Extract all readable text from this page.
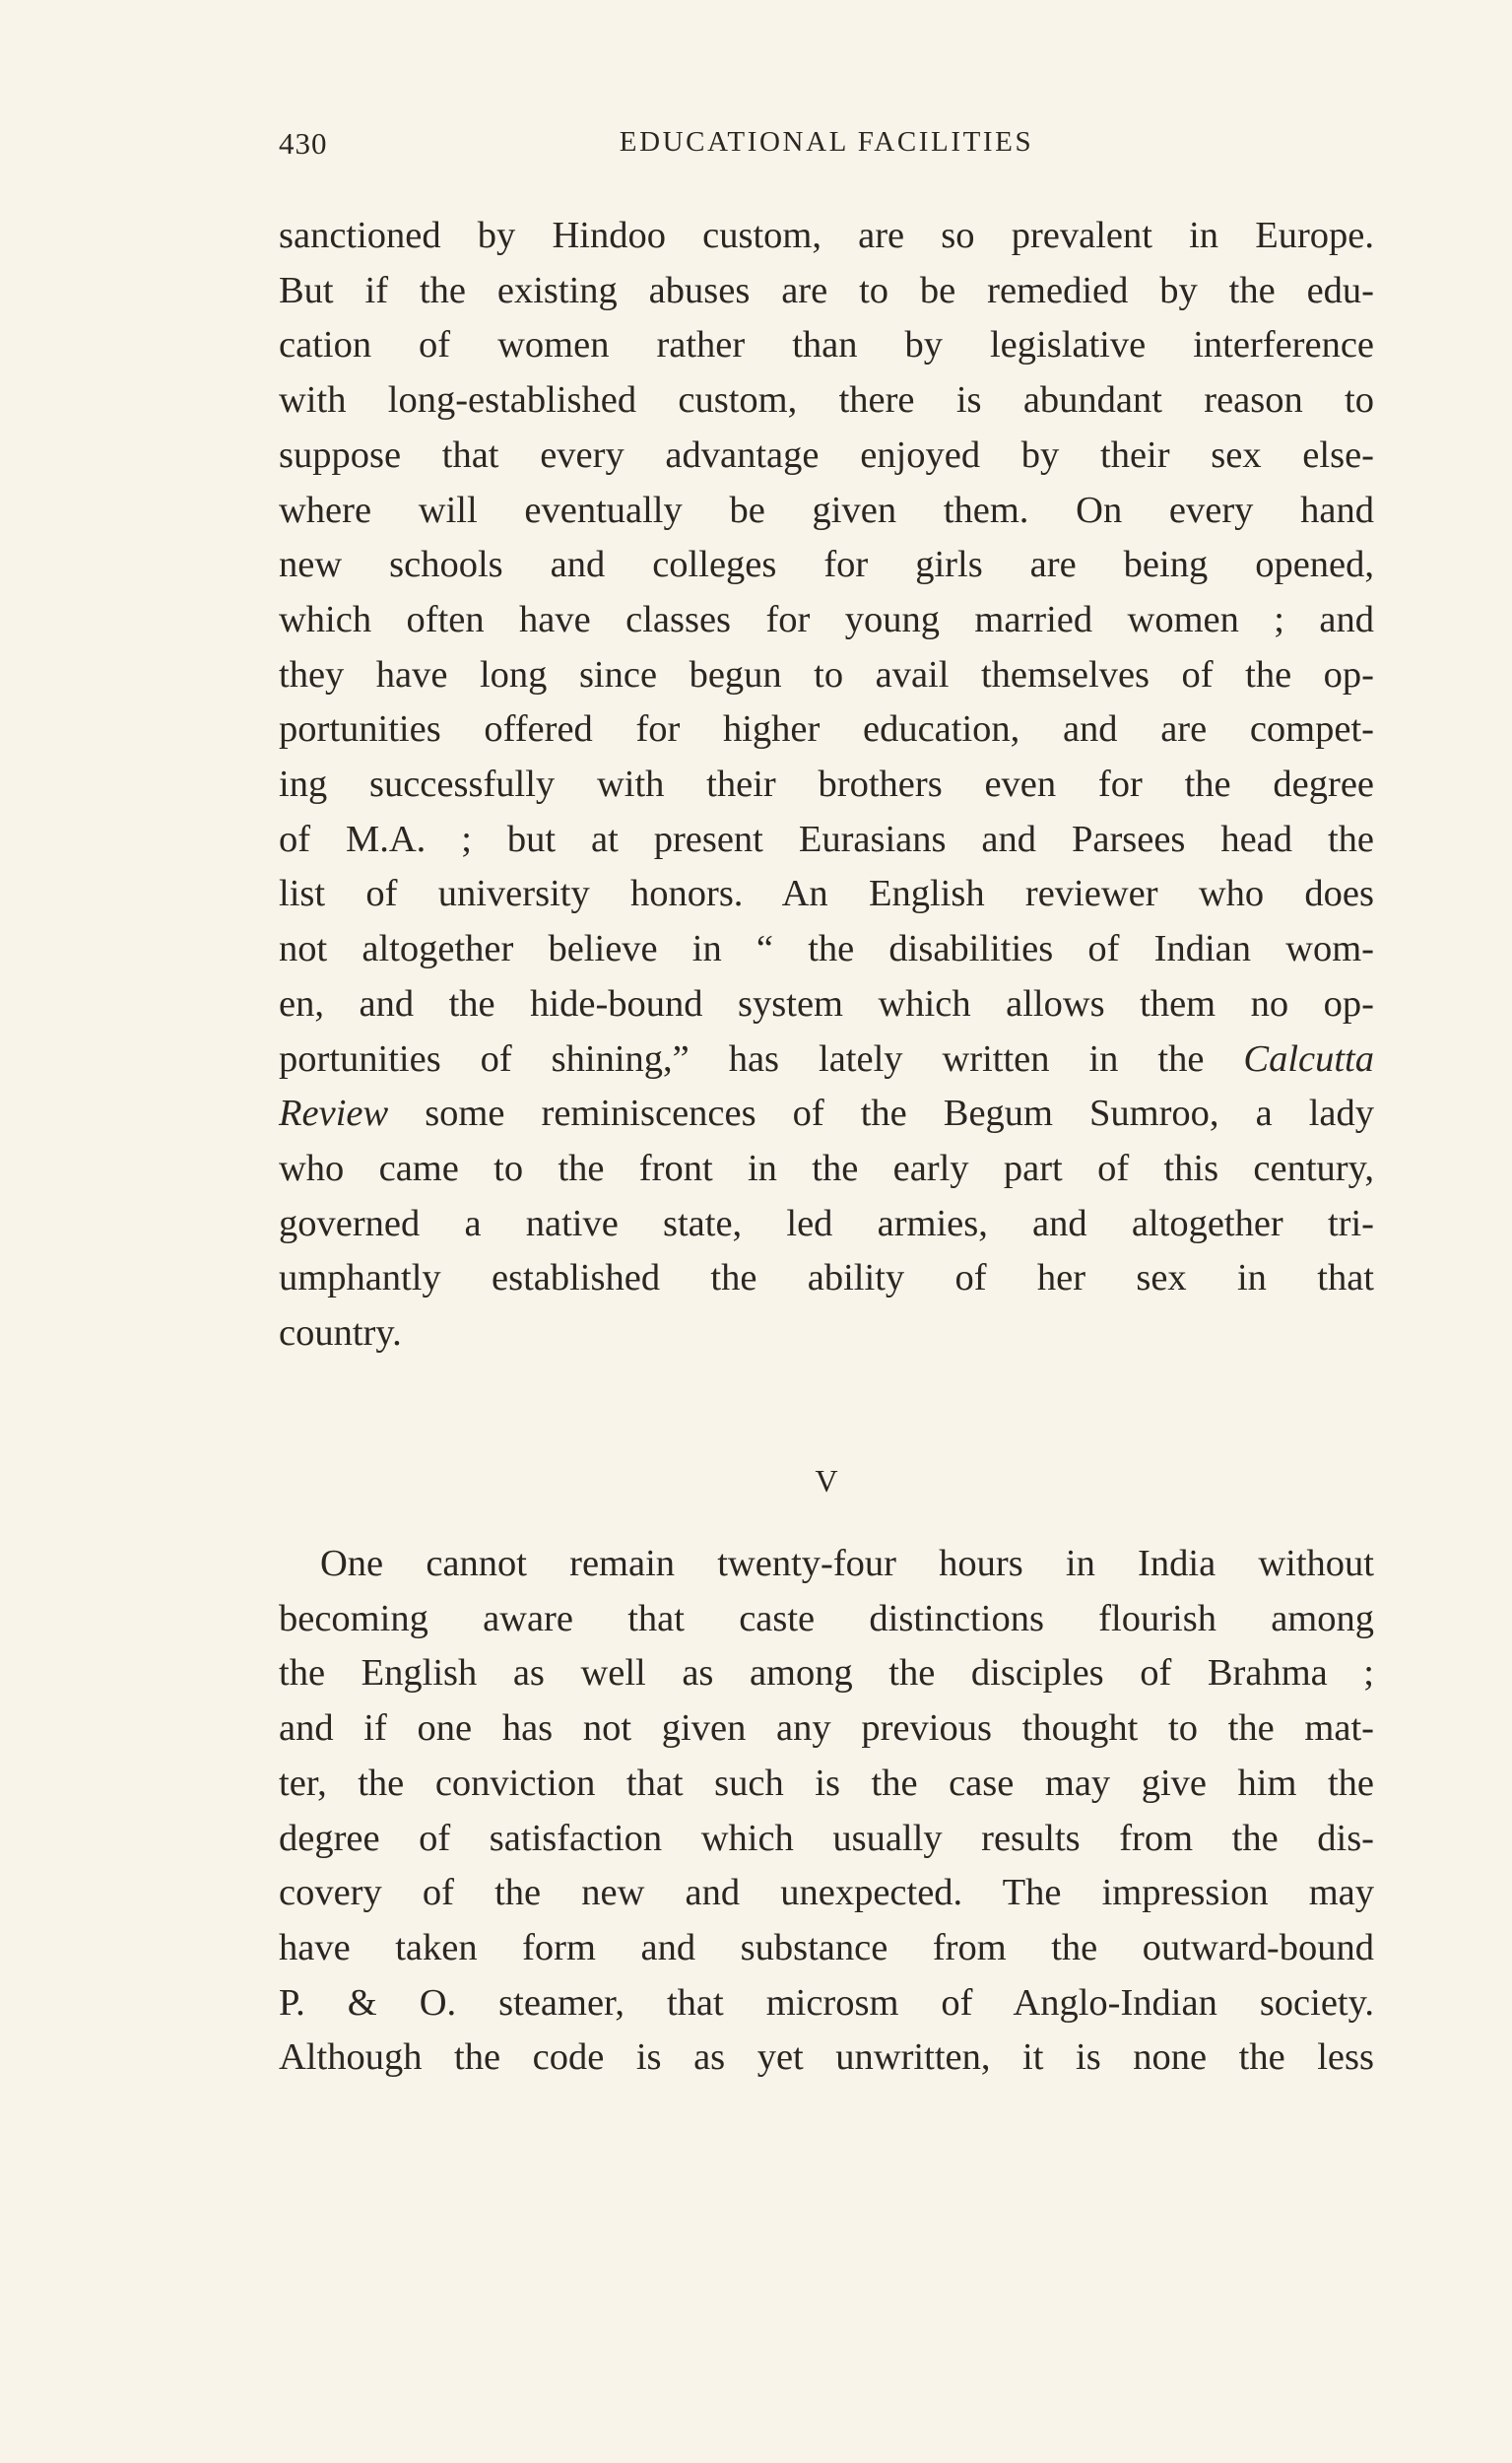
430	EDUCATIONAL FACILITIES
sanctioned by Hindoo custom, are so prevalent in Europe.
But if the existing abuses are to be remedied by the edu-
cation of women rather than by legislative interference
with long-established custom, there is abundant reason to
suppose that every advantage enjoyed by their sex else-
where will eventually be given them. On every hand
new schools and colleges for girls are being opened,
which often have classes for young married women ; and
they have long since begun to avail themselves of the op-
portunities offered for higher education, and are compet-
ing successfully with their brothers even for the degree
of M.A. ; but at present Eurasians and Parsees head the
list of university honors. An English reviewer who does
not altogether believe in “ the disabilities of Indian wom-
en, and the hide-bound system which allows them no op-
portunities of shining,” has lately written in the Calcutta
Review some reminiscences of the Begum Sumroo, a lady
who came to the front in the early part of this century,
governed a native state, led armies, and altogether tri-
umphantly established the ability of her sex in that
country.
V
One cannot remain twenty-four hours in India without
becoming aware that caste distinctions flourish among
the English as well as among the disciples of Brahma ;
and if one has not given any previous thought to the mat-
ter, the conviction that such is the case may give him the
degree of satisfaction which usually results from the dis-
covery of the new and unexpected. The impression may
have taken form and substance from the outward-bound
P. & O. steamer, that microsm of Anglo-Indian society.
Although the code is as yet unwritten, it is none the less
